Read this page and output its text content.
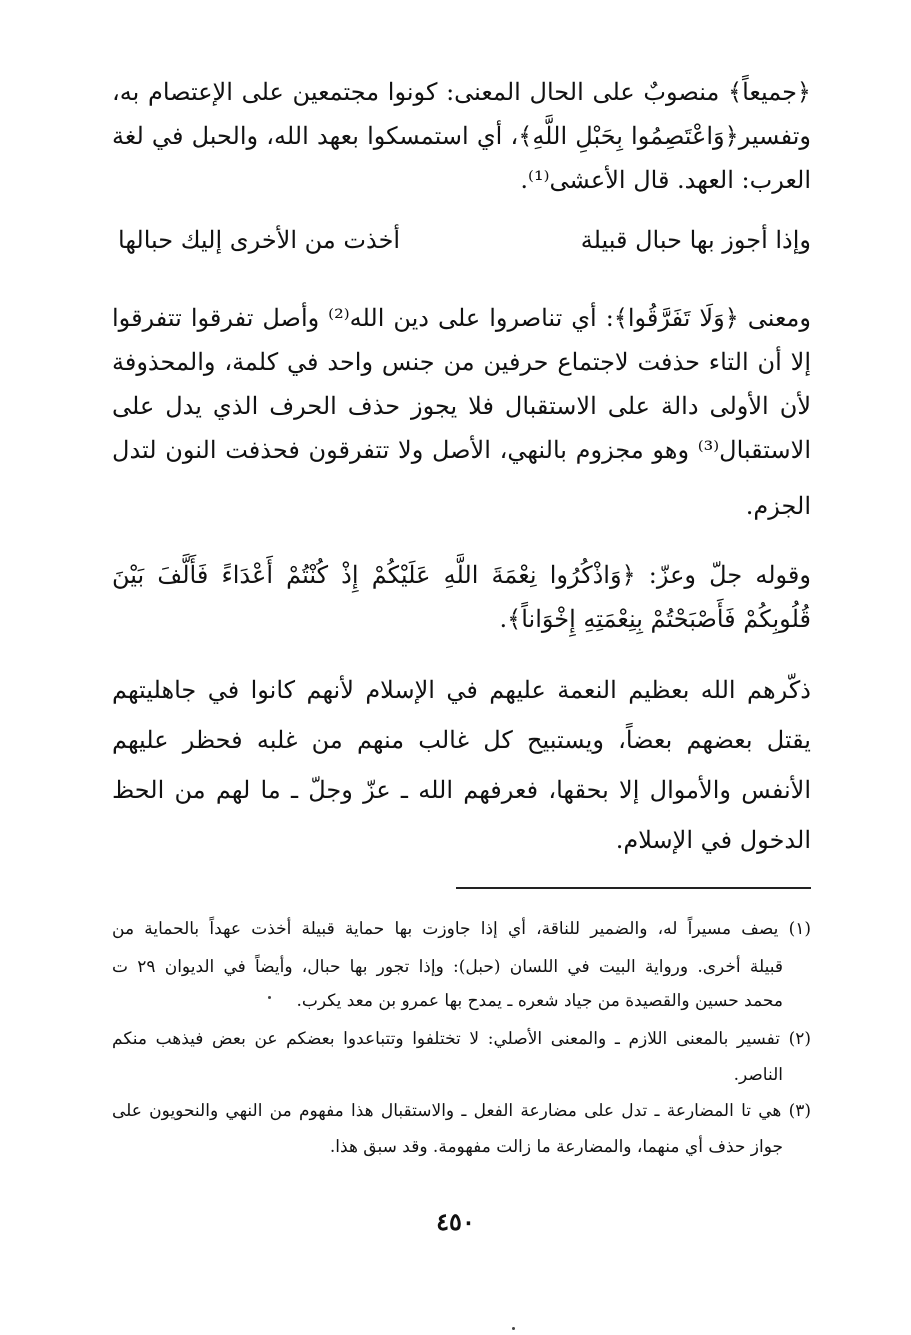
﴿جميعاً﴾ منصوبٌ على الحال المعنى: كونوا مجتمعين على الإعتصام به،
وتفسير﴿وَاعْتَصِمُوا بِحَبْلِ اللَّهِ﴾، أي استمسكوا بعهد الله، والحبل في لغة
العرب: العهد. قال الأعشى⁽¹⁾.
وإذا أجوز بها حبال قبيلة
أخذت من الأخرى إليك حبالها
ومعنى ﴿وَلَا تَفَرَّقُوا﴾: أي تناصروا على دين الله⁽²⁾ وأصل تفرقوا تتفرقوا
إلا أن التاء حذفت لاجتماع حرفين من جنس واحد في كلمة، والمحذوفة
لأن الأولى دالة على الاستقبال فلا يجوز حذف الحرف الذي يدل على
الاستقبال⁽³⁾ وهو مجزوم بالنهي، الأصل ولا تتفرقون فحذفت النون لتدل
الجزم.
وقوله جلّ وعزّ: ﴿وَاذْكُرُوا نِعْمَةَ اللَّهِ عَلَيْكُمْ إِذْ كُنْتُمْ أَعْدَاءً فَأَلَّفَ بَيْنَ
قُلُوبِكُمْ فَأَصْبَحْتُمْ بِنِعْمَتِهِ إِخْوَاناً﴾.
ذكّرهم الله بعظيم النعمة عليهم في الإسلام لأنهم كانوا في جاهليتهم
يقتل بعضهم بعضاً، ويستبيح كل غالب منهم من غلبه فحظر عليهم
الأنفس والأموال إلا بحقها، فعرفهم الله ـ عزّ وجلّ ـ ما لهم من الحظ
الدخول في الإسلام.
(١) يصف مسيراً له، والضمير للناقة، أي إذا جاوزت بها حماية قبيلة أخذت عهداً بالحماية من
قبيلة أخرى. ورواية البيت في اللسان (حبل): وإذا تجور بها حبال، وأيضاً في الديوان ٢٩ ت
محمد حسين والقصيدة من جياد شعره ـ يمدح بها عمرو بن معد يكرب.
(٢) تفسير بالمعنى اللازم ـ والمعنى الأصلي: لا تختلفوا وتتباعدوا بعضكم عن بعض فيذهب منكم
الناصر.
(٣) هي تا المضارعة ـ تدل على مضارعة الفعل ـ والاستقبال هذا مفهوم من النهي والنحويون على
جواز حذف أي منهما، والمضارعة ما زالت مفهومة. وقد سبق هذا.
٤٥٠
